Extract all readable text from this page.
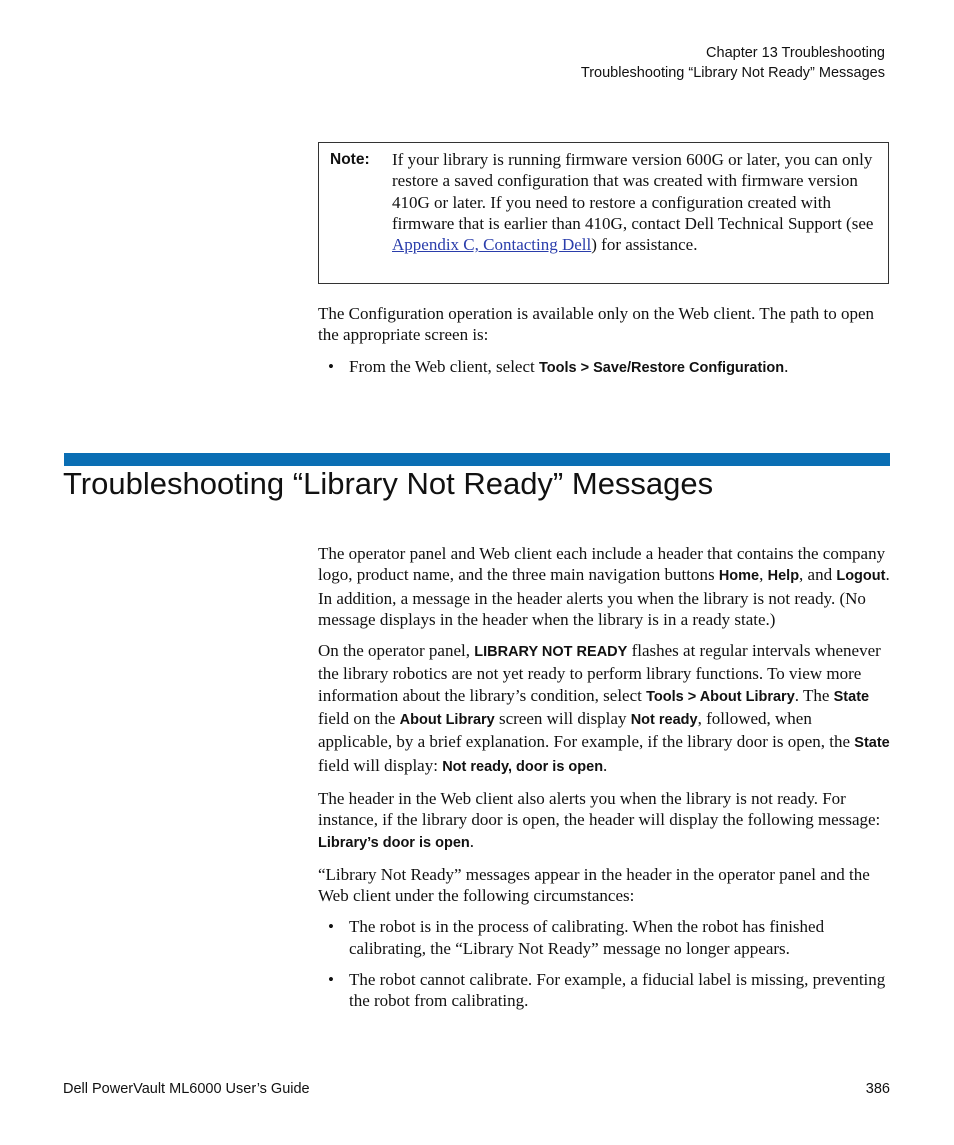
Chapter 13 Troubleshooting
Troubleshooting “Library Not Ready” Messages
Note: If your library is running firmware version 600G or later, you can only restore a saved configuration that was created with firmware version 410G or later. If you need to restore a configuration created with firmware that is earlier than 410G, contact Dell Technical Support (see Appendix C, Contacting Dell) for assistance.

The Configuration operation is available only on the Web client. The path to open the appropriate screen is:

• From the Web client, select Tools > Save/Restore Configuration.
Troubleshooting “Library Not Ready” Messages

The operator panel and Web client each include a header that contains the company logo, product name, and the three main navigation buttons Home, Help, and Logout. In addition, a message in the header alerts you when the library is not ready. (No message displays in the header when the library is in a ready state.)

On the operator panel, LIBRARY NOT READY flashes at regular intervals whenever the library robotics are not yet ready to perform library functions. To view more information about the library’s condition, select Tools > About Library. The State field on the About Library screen will display Not ready, followed, when applicable, by a brief explanation. For example, if the library door is open, the State field will display: Not ready, door is open.

The header in the Web client also alerts you when the library is not ready. For instance, if the library door is open, the header will display the following message: Library’s door is open.

“Library Not Ready” messages appear in the header in the operator panel and the Web client under the following circumstances:

• The robot is in the process of calibrating. When the robot has finished calibrating, the “Library Not Ready” message no longer appears.
• The robot cannot calibrate. For example, a fiducial label is missing, preventing the robot from calibrating.
Dell PowerVault ML6000 User’s Guide	386
